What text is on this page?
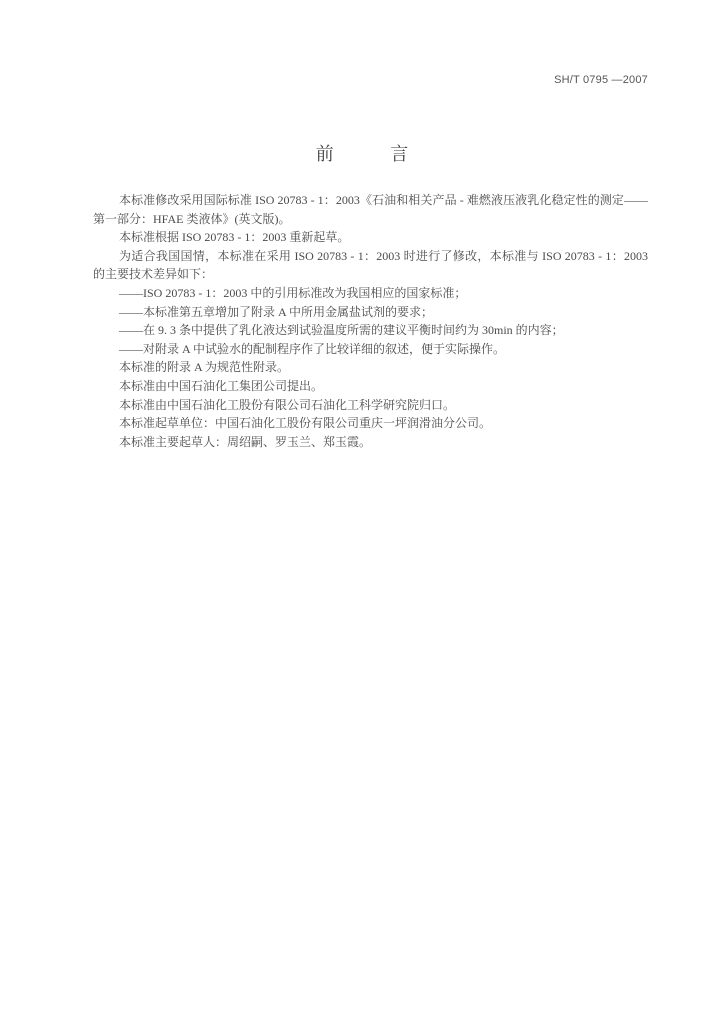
SH/T 0795 —2007
前 言

本标准修改采用国际标准 ISO 20783 - 1：2003《石油和相关产品 - 难燃液压液乳化稳定性的测定——第一部分：HFAE 类液体》(英文版)。

本标准根据 ISO 20783 - 1：2003 重新起草。

为适合我国国情，本标准在采用 ISO 20783 - 1：2003 时进行了修改，本标准与 ISO 20783 - 1：2003 的主要技术差异如下：

——ISO 20783 - 1：2003 中的引用标准改为我国相应的国家标准；

——本标准第五章增加了附录 A 中所用金属盐试剂的要求；

——在 9. 3 条中提供了乳化液达到试验温度所需的建议平衡时间约为 30min 的内容；

——对附录 A 中试验水的配制程序作了比较详细的叙述，便于实际操作。

本标准的附录 A 为规范性附录。

本标准由中国石油化工集团公司提出。

本标准由中国石油化工股份有限公司石油化工科学研究院归口。

本标准起草单位：中国石油化工股份有限公司重庆一坪润滑油分公司。

本标准主要起草人：周绍嗣、罗玉兰、郑玉霞。
